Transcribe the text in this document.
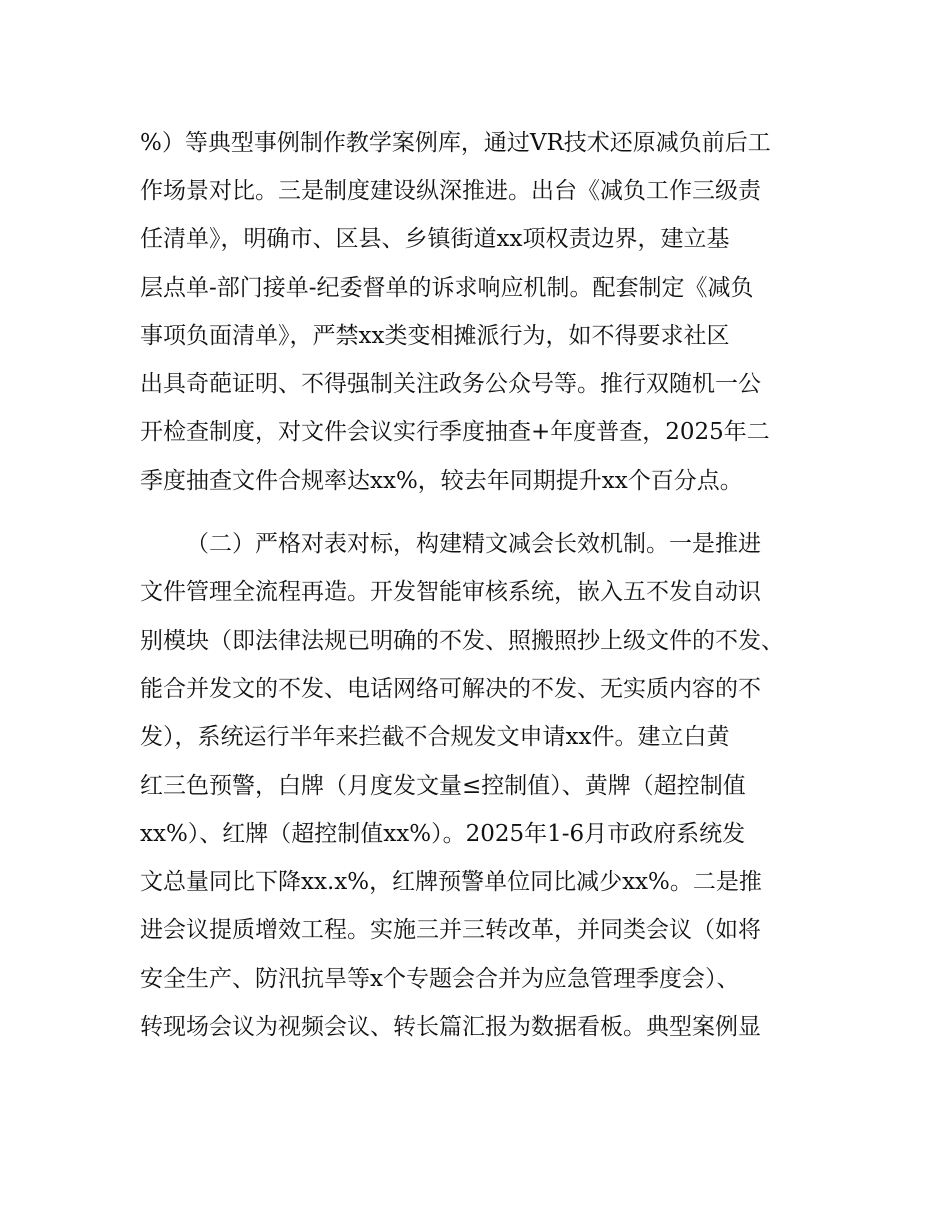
%）等典型事例制作教学案例库，通过VR技术还原减负前后工
作场景对比。三是制度建设纵深推进。出台《减负工作三级责
任清单》，明确市、区县、乡镇街道xx项权责边界，建立基
层点单-部门接单-纪委督单的诉求响应机制。配套制定《减负
事项负面清单》，严禁xx类变相摊派行为，如不得要求社区
出具奇葩证明、不得强制关注政务公众号等。推行双随机一公
开检查制度，对文件会议实行季度抽查+年度普查，2025年二
季度抽查文件合规率达xx%，较去年同期提升xx个百分点。
（二）严格对表对标，构建精文减会长效机制。一是推进
文件管理全流程再造。开发智能审核系统，嵌入五不发自动识
别模块（即法律法规已明确的不发、照搬照抄上级文件的不发、
能合并发文的不发、电话网络可解决的不发、无实质内容的不
发），系统运行半年来拦截不合规发文申请xx件。建立白黄
红三色预警，白牌（月度发文量≤控制值）、黄牌（超控制值
xx%）、红牌（超控制值xx%）。2025年1-6月市政府系统发
文总量同比下降xx.x%，红牌预警单位同比减少xx%。二是推
进会议提质增效工程。实施三并三转改革，并同类会议（如将
安全生产、防汛抗旱等x个专题会合并为应急管理季度会）、
转现场会议为视频会议、转长篇汇报为数据看板。典型案例显
